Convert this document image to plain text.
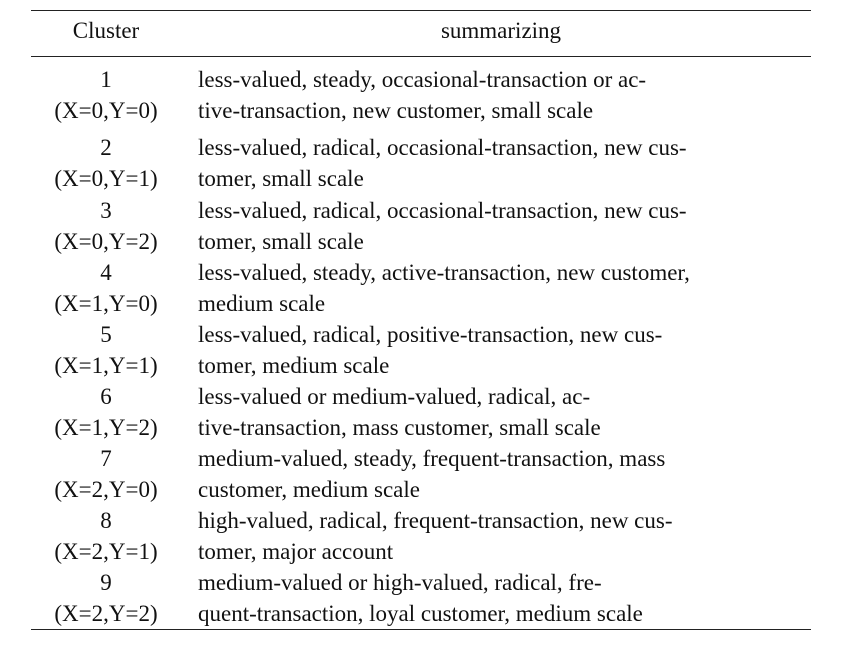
Cluster	summarizing
1
(X=0,Y=0)
less-valued, steady, occasional-transaction or ac-
tive-transaction, new customer, small scale
2
(X=0,Y=1)
less-valued, radical, occasional-transaction, new cus-
tomer, small scale
3
(X=0,Y=2)
less-valued, radical, occasional-transaction, new cus-
tomer, small scale
4
(X=1,Y=0)
less-valued, steady, active-transaction, new customer,
medium scale
5
(X=1,Y=1)
less-valued, radical, positive-transaction, new cus-
tomer, medium scale
6
(X=1,Y=2)
less-valued or medium-valued, radical, ac-
tive-transaction, mass customer, small scale
7
(X=2,Y=0)
medium-valued, steady, frequent-transaction, mass
customer, medium scale
8
(X=2,Y=1)
high-valued, radical, frequent-transaction, new cus-
tomer, major account
9
(X=2,Y=2)
medium-valued or high-valued, radical, fre-
quent-transaction, loyal customer, medium scale
